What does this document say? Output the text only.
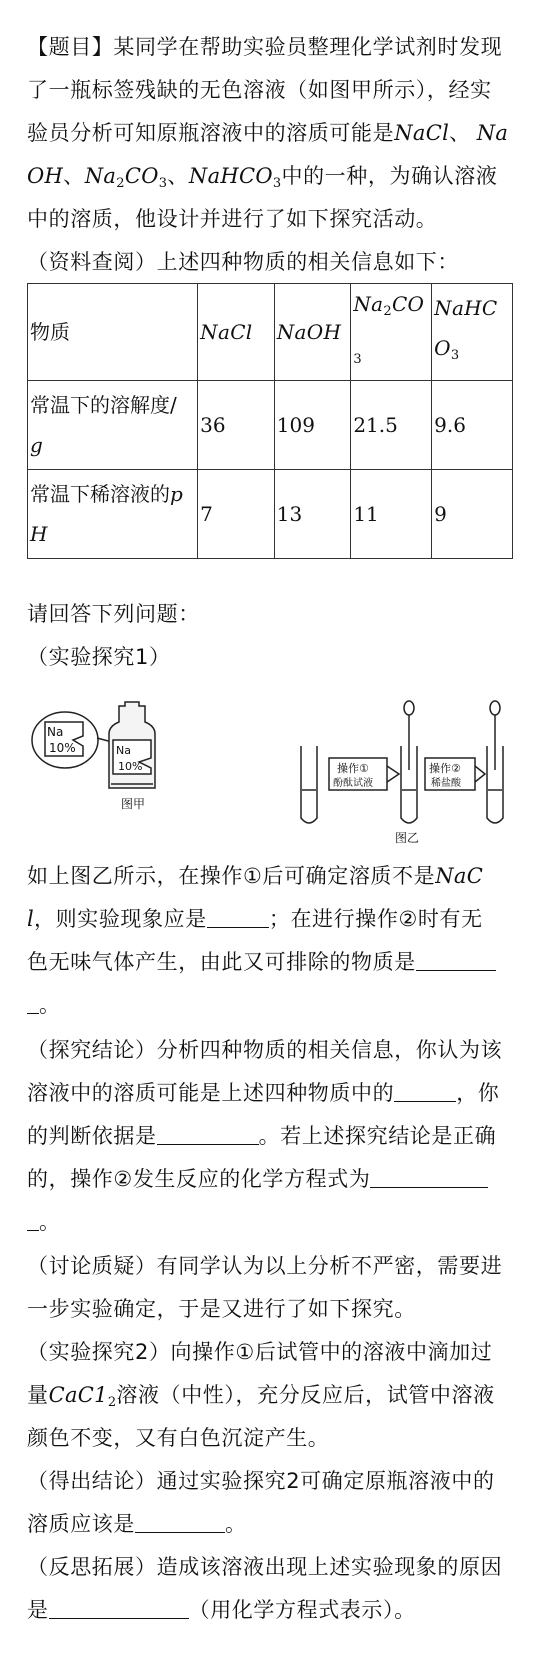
【题目】某同学在帮助实验员整理化学试剂时发现
了一瓶标签残缺的无色溶液（如图甲所示），经实
验员分析可知原瓶溶液中的溶质可能是NaCl、 Na
OH、$Na_2CO_3$、NaHCO$_3$中的一种，为确认溶液
中的溶质，他设计并进行了如下探究活动。
（资料查阅）上述四种物质的相关信息如下：
物质	NaCl	NaOH	$Na_2CO_3$	NaHC
$O_3$
常温下的溶解度/
g	36	109	21.5	9.6
常温下稀溶液的p
H	7	13	11	9
请回答下列问题：
（实验探究1）
Na
10%	Na
10%
图甲
操作①
酚酞试液
操作②
稀盐酸
图乙
如上图乙所示，在操作①后可确定溶质不是NaC
l，则实验现象应是	；在进行操作②时有无
色无味气体产生，由此又可排除的物质是
。
（探究结论）分析四种物质的相关信息，你认为该
溶液中的溶质可能是上述四种物质中的	，你
的判断依据是	。若上述探究结论是正确
的，操作②发生反应的化学方程式为
。
（讨论质疑）有同学认为以上分析不严密，需要进
一步实验确定，于是又进行了如下探究。
（实验探究2）向操作①后试管中的溶液中滴加过
量$CaC1_2$溶液（中性），充分反应后，试管中溶液
颜色不变，又有白色沉淀产生。
（得出结论）通过实验探究2可确定原瓶溶液中的
溶质应该是	。
（反思拓展）造成该溶液出现上述实验现象的原因
是	（用化学方程式表示）。
